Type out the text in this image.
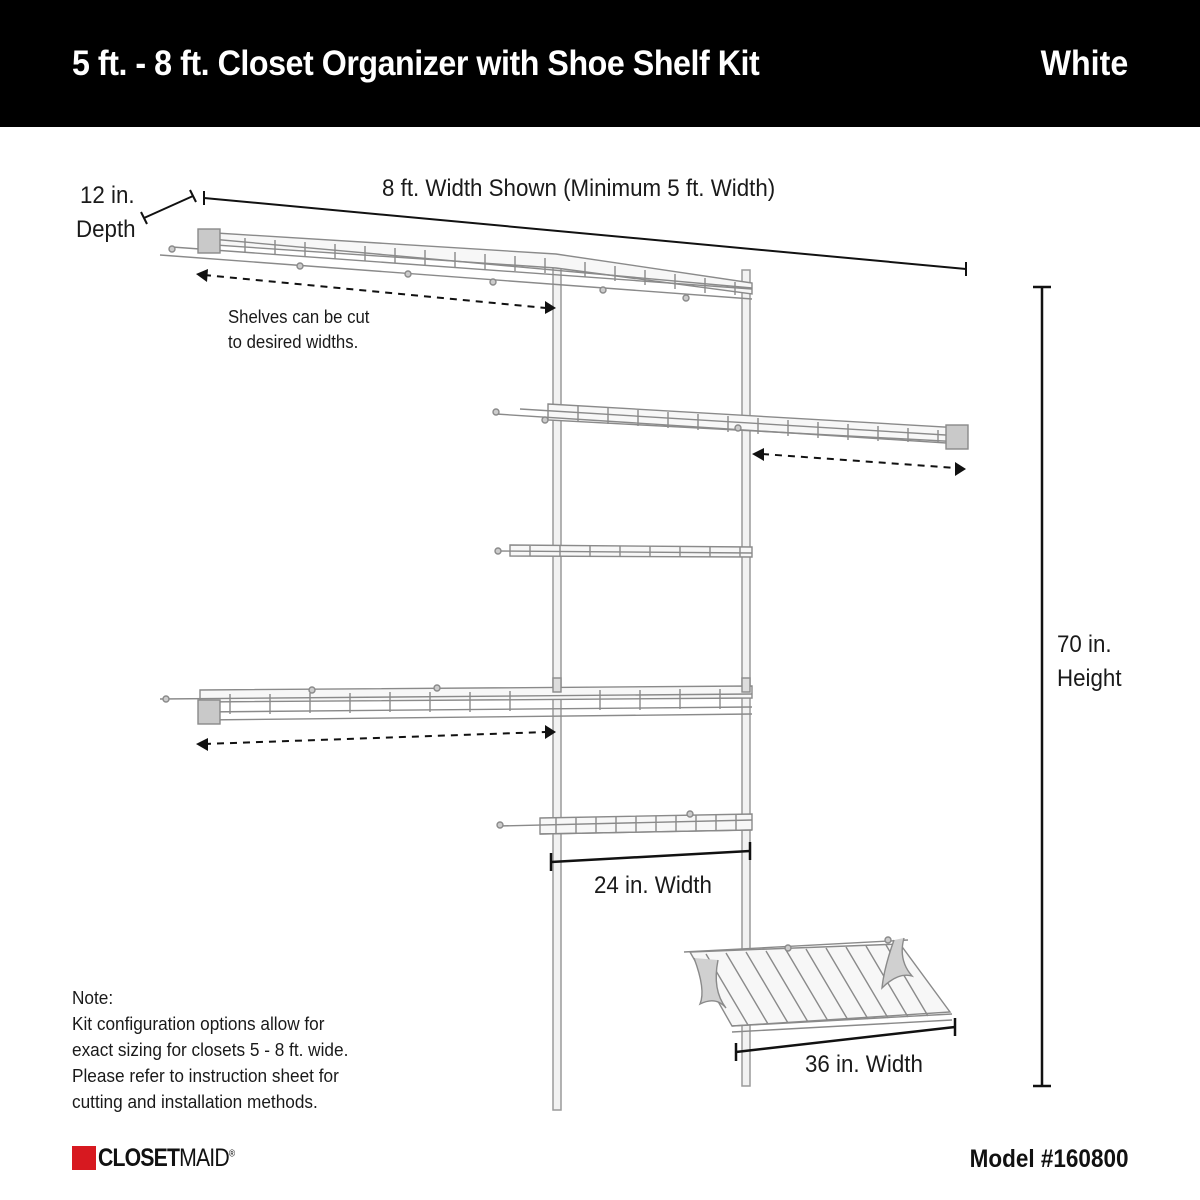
5 ft. - 8 ft. Closet Organizer with Shoe Shelf Kit	White
12 in.
Depth
8 ft. Width Shown (Minimum 5 ft. Width)
Shelves can be cut
to desired widths.
70 in.
Height
24 in. Width
36 in. Width
Note:
Kit configuration options allow for
exact sizing for closets 5 - 8 ft. wide.
Please refer to instruction sheet for
cutting and installation methods.
CLOSETMAID®	Model #160800
